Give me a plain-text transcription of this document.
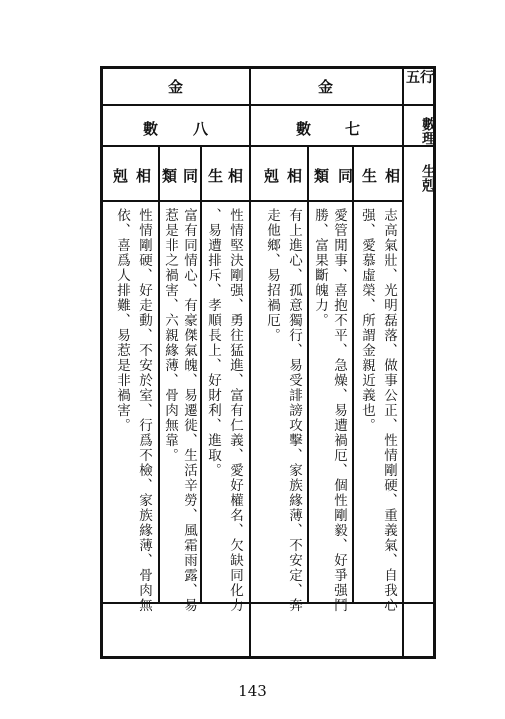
五行
數理
生剋
金
數 七
生 相
同
類
相
剋
志高氣壯、光明磊落、做事公正、性情剛硬、重義氣、自我心
强、愛慕虛榮、所謂金親近義也。
愛管閒事、喜抱不平、急燥、易遭禍厄、個性剛毅、好爭强鬥
勝、富果斷魄力。
有上進心、孤意獨行、易受誹謗攻擊、家族緣薄、不安定、奔
走他鄉、易招禍厄。
金
數 八
生 相
同
類
相
剋
性情堅決剛强、勇往猛進、富有仁義、愛好權名、欠缺同化力
、易遭排斥、孝順長上、好財利、進取。
富有同情心、有豪傑氣魄、易遷徙、生活辛勞、風霜雨露、易
惹是非之禍害、六親緣薄、骨肉無靠。
性情剛硬、好走動、不安於室、行爲不檢、家族緣薄、骨肉無
依、喜爲人排難、易惹是非禍害。
143
